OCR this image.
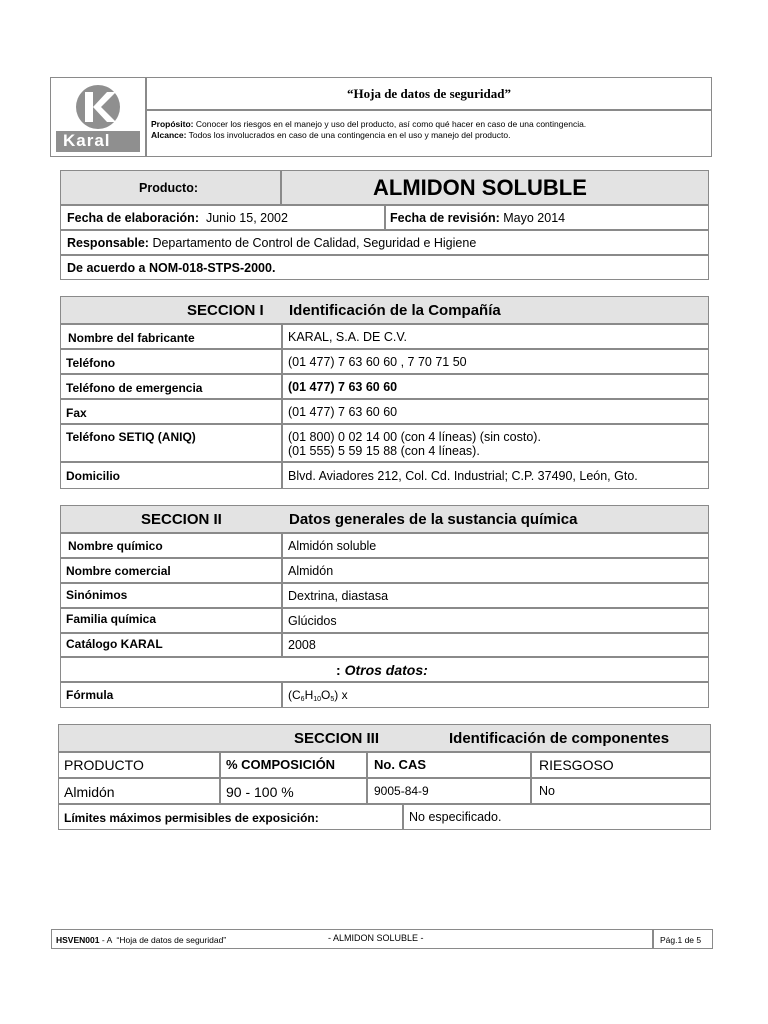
Karal
“Hoja de datos de seguridad”
Propósito: Conocer los riesgos en el manejo y uso del producto, así como qué hacer en caso de una contingencia.
Alcance: Todos los involucrados en caso de una contingencia en el uso y manejo del producto.
Producto:	ALMIDON SOLUBLE
Fecha de elaboración: Junio 15, 2002	Fecha de revisión: Mayo 2014
Responsable: Departamento de Control de Calidad, Seguridad e Higiene
De acuerdo a NOM-018-STPS-2000.
SECCION I Identificación de la Compañía
Nombre del fabricante	KARAL, S.A. DE C.V.
Teléfono	(01 477) 7 63 60 60 , 7 70 71 50
Teléfono de emergencia	(01 477) 7 63 60 60
Fax	(01 477) 7 63 60 60
Teléfono SETIQ (ANIQ)	(01 800) 0 02 14 00 (con 4 líneas) (sin costo).
(01 555) 5 59 15 88 (con 4 líneas).
Domicilio	Blvd. Aviadores 212, Col. Cd. Industrial; C.P. 37490, León, Gto.
SECCION II	Datos generales de la sustancia química
Nombre químico	Almidón soluble
Nombre comercial	Almidón
Sinónimos	Dextrina, diastasa
Familia química	Glúcidos
Catálogo KARAL	2008
: Otros datos:
Fórmula	$(C_6H_{10}O_5)$ x
SECCION III	Identificación de componentes
PRODUCTO	% COMPOSICIÓN	No. CAS	RIESGOSO
Almidón	90 - 100 %	9005-84-9	No
Límites máximos permisibles de exposición:	No especificado.
HSVEN001 - A “Hoja de datos de seguridad”	- ALMIDON SOLUBLE -	Pág.1 de 5
